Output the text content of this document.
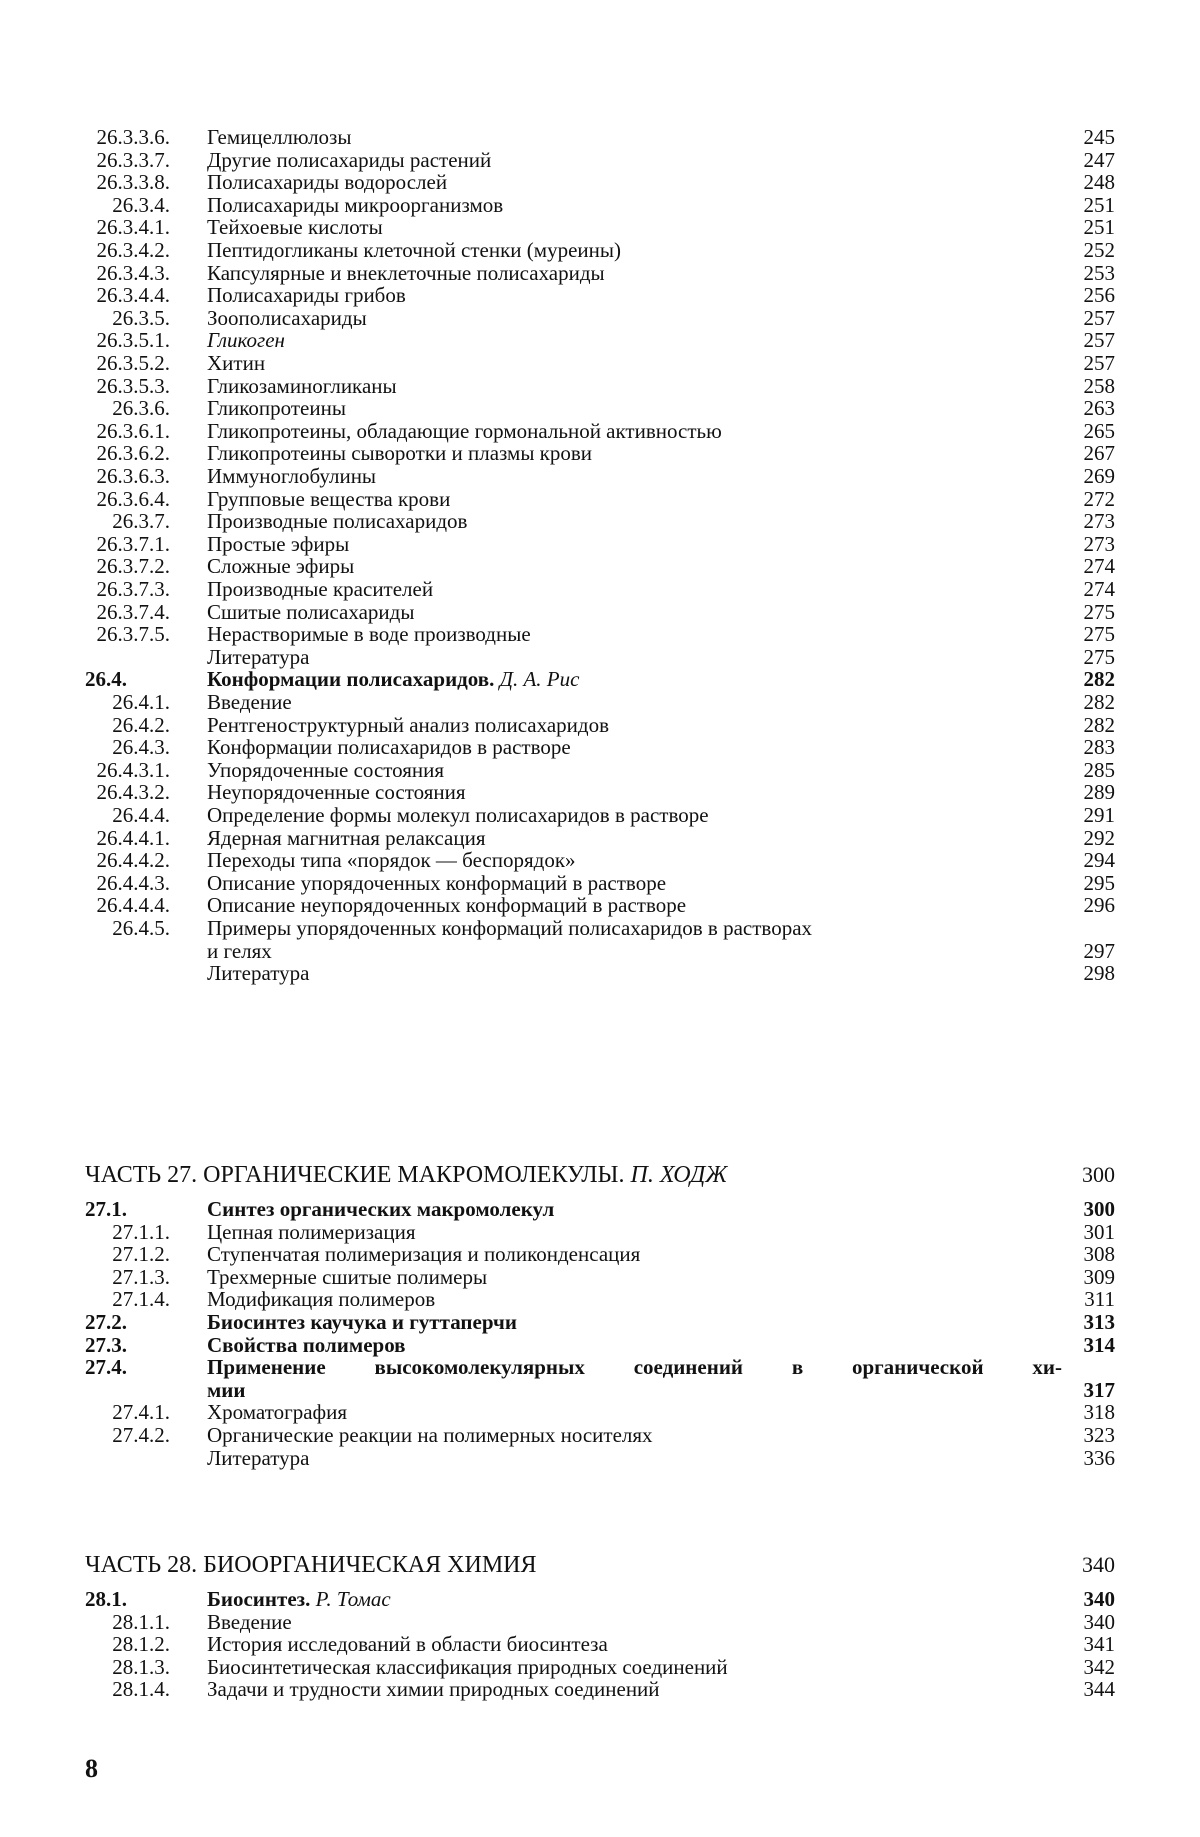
26.3.3.6. Гемицеллюлозы	245
26.3.3.7. Другие полисахариды растений	247
26.3.3.8. Полисахариды водорослей	248
26.3.4. Полисахариды микроорганизмов	251
26.3.4.1. Тейхоевые кислоты	251
26.3.4.2. Пептидогликаны клеточной стенки (муреины)	252
26.3.4.3. Капсулярные и внеклеточные полисахариды	253
26.3.4.4. Полисахариды грибов	256
26.3.5. Зоополисахариды	257
26.3.5.1. Гликоген	257
26.3.5.2. Хитин	257
26.3.5.3. Гликозаминогликаны	258
26.3.6. Гликопротеины	263
26.3.6.1. Гликопротеины, обладающие гормональной активностью	265
26.3.6.2. Гликопротеины сыворотки и плазмы крови	267
26.3.6.3. Иммуноглобулины	269
26.3.6.4. Групповые вещества крови	272
26.3.7. Производные полисахаридов	273
26.3.7.1. Простые эфиры	273
26.3.7.2. Сложные эфиры	274
26.3.7.3. Производные красителей	274
26.3.7.4. Сшитые полисахариды	275
26.3.7.5. Нерастворимые в воде производные	275
Литература	275
26.4.	Конформации полисахаридов. Д. А. Рис	282
26.4.1. Введение	282
26.4.2. Рентгеноструктурный анализ полисахаридов	282
26.4.3. Конформации полисахаридов в растворе	283
26.4.3.1. Упорядоченные состояния	285
26.4.3.2. Неупорядоченные состояния	289
26.4.4. Определение формы молекул полисахаридов в растворе	291
26.4.4.1. Ядерная магнитная релаксация	292
26.4.4.2. Переходы типа «порядок — беспорядок»	294
26.4.4.3. Описание упорядоченных конформаций в растворе	295
26.4.4.4. Описание неупорядоченных конформаций в растворе	296
26.4.5. Примеры упорядоченных конформаций полисахаридов в растворах
и гелях	297
Литература	298
ЧАСТЬ 27. ОРГАНИЧЕСКИЕ МАКРОМОЛЕКУЛЫ. П. ХОДЖ	300
27.1.	Синтез органических макромолекул	300
27.1.1. Цепная полимеризация	301
27.1.2. Ступенчатая полимеризация и поликонденсация	308
27.1.3. Трехмерные сшитые полимеры	309
27.1.4. Модификация полимеров	311
27.2.	Биосинтез каучука и гуттаперчи	313
27.3.	Свойства полимеров	314
27.4.	Применение высокомолекулярных соединений в органической хи-
мии	317
27.4.1. Хроматография	318
27.4.2. Органические реакции на полимерных носителях	323
Литература	336
ЧАСТЬ 28. БИООРГАНИЧЕСКАЯ ХИМИЯ	340
28.1.	Биосинтез. Р. Томас	340
28.1.1. Введение	340
28.1.2. История исследований в области биосинтеза	341
28.1.3. Биосинтетическая классификация природных соединений	342
28.1.4. Задачи и трудности химии природных соединений	344
8
